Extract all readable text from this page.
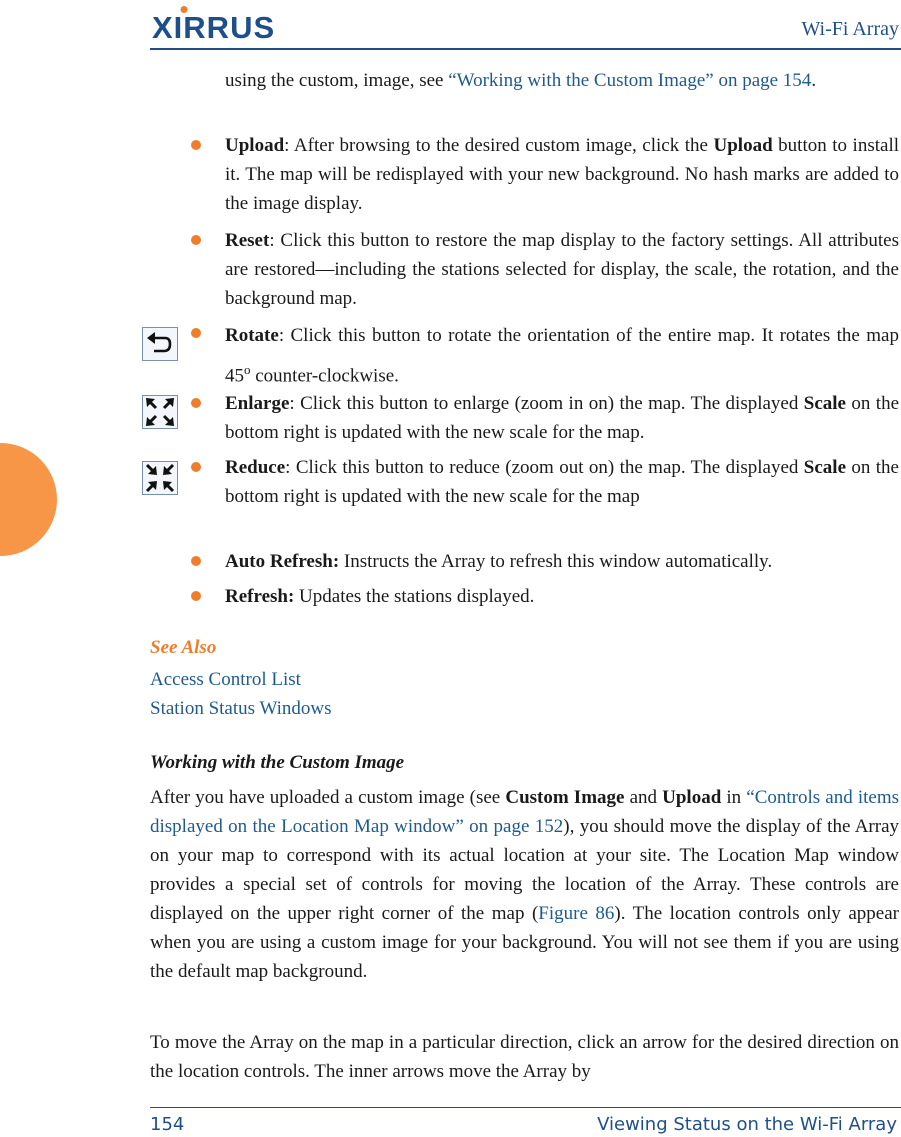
XIRRUS	Wi-Fi Array
using the custom, image, see “Working with the Custom Image” on page 154.
Upload: After browsing to the desired custom image, click the Upload button to install it. The map will be redisplayed with your new background. No hash marks are added to the image display.
Reset: Click this button to restore the map display to the factory settings. All attributes are restored—including the stations selected for display, the scale, the rotation, and the background map.
Rotate: Click this button to rotate the orientation of the entire map. It rotates the map 45$^o$ counter-clockwise.
Enlarge: Click this button to enlarge (zoom in on) the map. The displayed Scale on the bottom right is updated with the new scale for the map.
Reduce: Click this button to reduce (zoom out on) the map. The displayed Scale on the bottom right is updated with the new scale for the map
Auto Refresh: Instructs the Array to refresh this window automatically.
Refresh: Updates the stations displayed.
See Also
Access Control List
Station Status Windows
Working with the Custom Image
After you have uploaded a custom image (see Custom Image and Upload in “Controls and items displayed on the Location Map window” on page 152), you should move the display of the Array on your map to correspond with its actual location at your site. The Location Map window provides a special set of controls for moving the location of the Array. These controls are displayed on the upper right corner of the map (Figure 86). The location controls only appear when you are using a custom image for your background. You will not see them if you are using the default map background.
To move the Array on the map in a particular direction, click an arrow for the desired direction on the location controls. The inner arrows move the Array by
154	Viewing Status on the Wi-Fi Array
